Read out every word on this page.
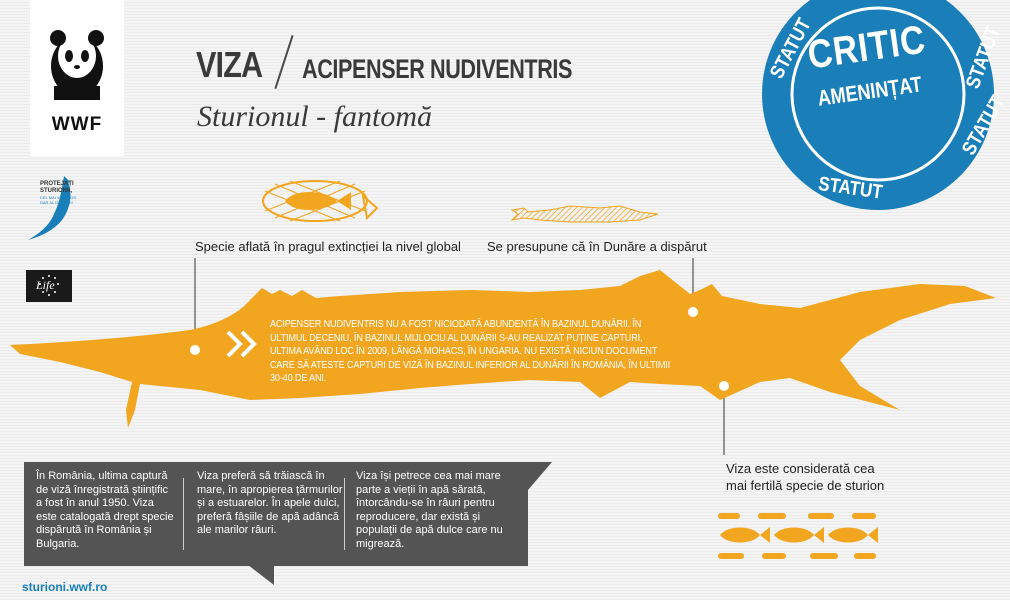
WWF
VIZA ACIPENSER NUDIVENTRIS
Sturionul - fantomă
PROTEJAȚI
STURIONII,
CEL MAI VALOROS
DAR AL DUNĂRII!
Life
CRITIC
AMENINȚAT
STATUT
STATUT
STATUT
STATUT
Specie aflată în pragul extincției la nivel global Se presupune că în Dunăre a dispărut
ACIPENSER NUDIVENTRIS NU A FOST NICIODATĂ ABUNDENTĂ ÎN BAZINUL DUNĂRII. ÎN ULTIMUL DECENIU, ÎN BAZINUL MIJLOCIU AL DUNĂRII S-AU REALIZAT PUȚINE CAPTURI, ULTIMA AVÂND LOC ÎN 2009, LÂNGĂ MOHACS, ÎN UNGARIA. NU EXISTĂ NICIUN DOCUMENT CARE SĂ ATESTE CAPTURI DE VIZĂ ÎN BAZINUL INFERIOR AL DUNĂRII ÎN ROMÂNIA, ÎN ULTIMII 30-40 DE ANI.
Viza este considerată cea mai fertilă specie de sturion
În România, ultima captură de viză înregistrată științific a fost în anul 1950. Viza este catalogată drept specie dispărută în România și Bulgaria.
Viza preferă să trăiască în mare, în apropierea țărmurilor și a estuarelor. În apele dulci, preferă fâșiile de apă adâncă ale marilor râuri.
Viza își petrece cea mai mare parte a vieții în apă sărată, întorcându-se în râuri pentru reproducere, dar există și populații de apă dulce care nu migrează.
sturioni.wwf.ro
